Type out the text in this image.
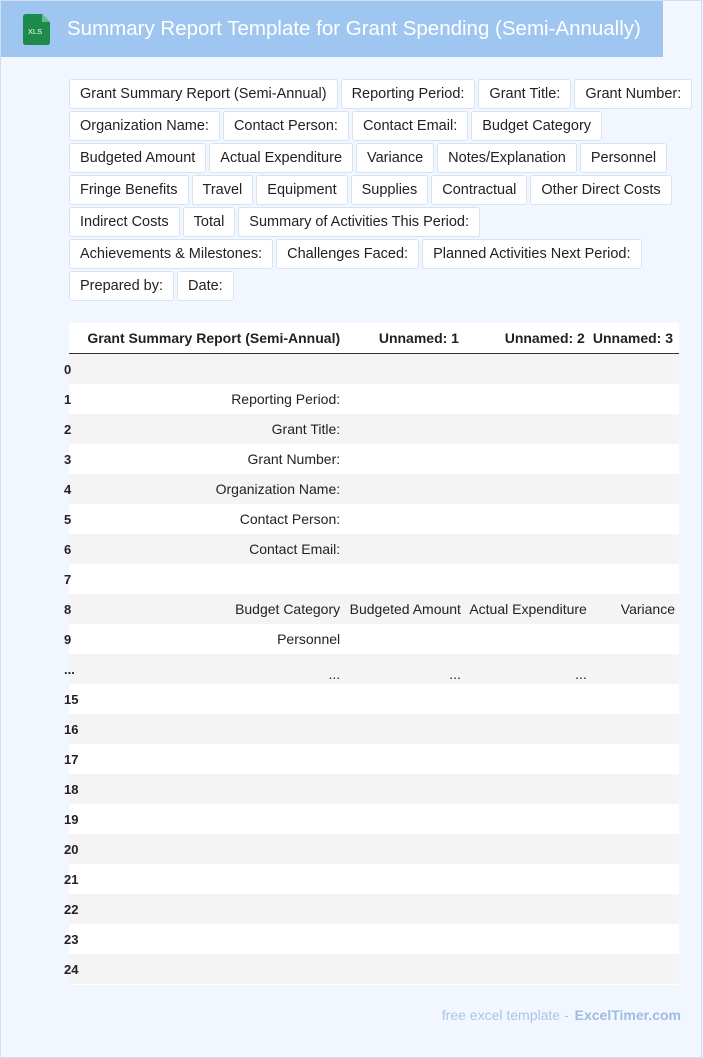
XLS Summary Report Template for Grant Spending (Semi-Annually)
Grant Summary Report (Semi-Annual)	Reporting Period:	Grant Title:	Grant Number:
Organization Name:	Contact Person:	Contact Email:	Budget Category
Budgeted Amount	Actual Expenditure	Variance	Notes/Explanation	Personnel
Fringe Benefits	Travel	Equipment	Supplies	Contractual	Other Direct Costs
Indirect Costs	Total	Summary of Activities This Period:
Achievements & Milestones:	Challenges Faced:	Planned Activities Next Period:
Prepared by:	Date:
	Grant Summary Report (Semi-Annual)	Unnamed: 1	Unnamed: 2	Unnamed: 3
0				
1	Reporting Period:			
2	Grant Title:			
3	Grant Number:			
4	Organization Name:			
5	Contact Person:			
6	Contact Email:			
7				
8	Budget Category	Budgeted Amount	Actual Expenditure	Variance
9	Personnel			
...	...	...	...	
15				
16				
17				
18				
19				
20				
21				
22				
23				
24				
free excel template - ExcelTimer.com
